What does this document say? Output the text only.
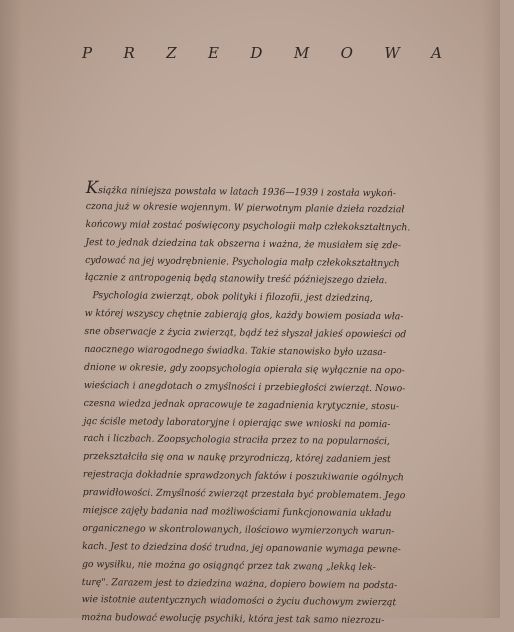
P R Z E D M O W A
Książka niniejsza powstała w latach 1936—1939 i została wykoń-
czona już w okresie wojennym. W pierwotnym planie dzieła rozdział
końcowy miał zostać poświęcony psychologii małp człekokształtnych.
Jest to jednak dziedzina tak obszerna i ważna, że musiałem się zde-
cydować na jej wyodrębnienie. Psychologia małp człekokształtnych
łącznie z antropogenią będą stanowiły treść późniejszego dzieła.
Psychologia zwierząt, obok polityki i filozofii, jest dziedziną,
w której wszyscy chętnie zabierają głos, każdy bowiem posiada wła-
sne obserwacje z życia zwierząt, bądź też słyszał jakieś opowieści od
naocznego wiarogodnego świadka. Takie stanowisko było uzasa-
dnione w okresie, gdy zoopsychologia opierała się wyłącznie na opo-
wieściach i anegdotach o zmyślności i przebiegłości zwierząt. Nowo-
czesna wiedza jednak opracowuje te zagadnienia krytycznie, stosu-
jąc ściśle metody laboratoryjne i opierając swe wnioski na pomia-
rach i liczbach. Zoopsychologia straciła przez to na popularności,
przekształciła się ona w naukę przyrodniczą, której zadaniem jest
rejestracja dokładnie sprawdzonych faktów i poszukiwanie ogólnych
prawidłowości. Zmyślność zwierząt przestała być problematem. Jego
miejsce zajęły badania nad możliwościami funkcjonowania układu
organicznego w skontrolowanych, ilościowo wymierzonych warun-
kach. Jest to dziedzina dość trudna, jej opanowanie wymaga pewne-
go wysiłku, nie można go osiągnąć przez tak zwaną „lekką lek-
turę". Zarazem jest to dziedzina ważna, dopiero bowiem na podsta-
wie istotnie autentycznych wiadomości o życiu duchowym zwierząt
można budować ewolucję psychiki, która jest tak samo niezrozu-
